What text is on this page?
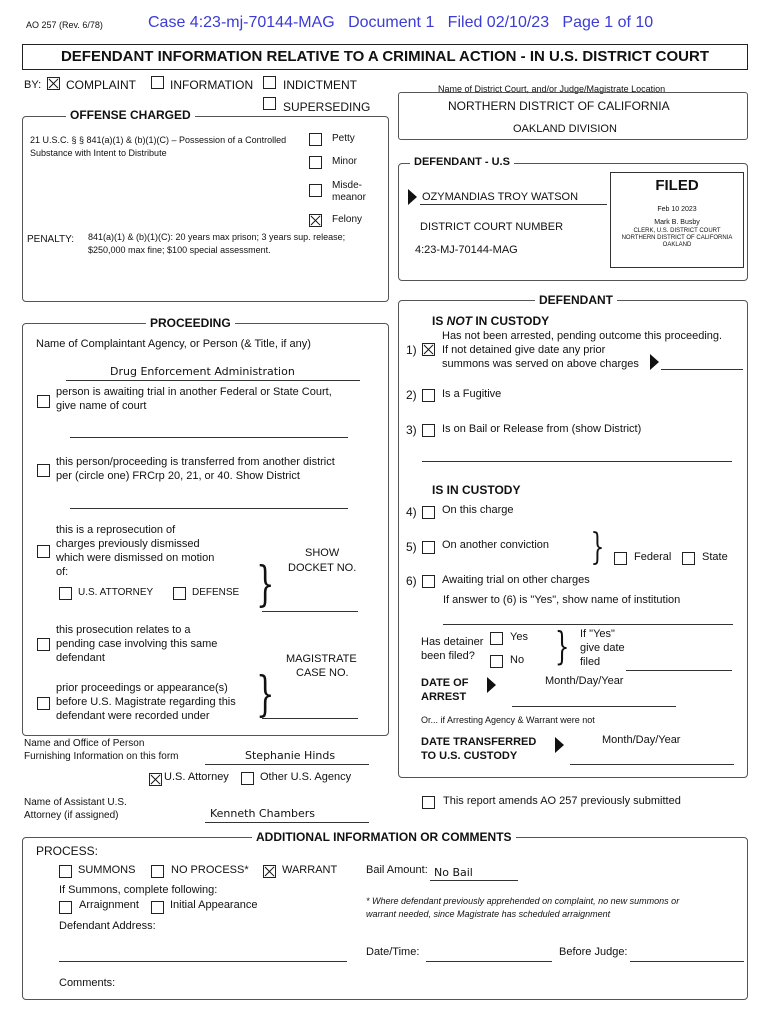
AO 257 (Rev. 6/78)	Case 4:23-mj-70144-MAG   Document 1   Filed 02/10/23   Page 1 of 10
DEFENDANT INFORMATION RELATIVE TO A CRIMINAL ACTION - IN U.S. DISTRICT COURT
BY: COMPLAINT	INFORMATION INDICTMENT
SUPERSEDING
OFFENSE CHARGED
21 U.S.C. § § 841(a)(1) & (b)(1)(C) – Possession of a Controlled
Substance with Intent to Distribute
Petty
Minor
Misde-
meanor
Felony
PENALTY: 841(a)(1) & (b)(1)(C): 20 years max prison; 3 years sup. release;
$250,000 max fine; $100 special assessment.
Name of District Court, and/or Judge/Magistrate Location
NORTHERN DISTRICT OF CALIFORNIA
OAKLAND DIVISION
DEFENDANT - U.S
OZYMANDIAS TROY WATSON
DISTRICT COURT NUMBER
4:23-MJ-70144-MAG
FILED
Feb 10 2023
Mark B. Busby
CLERK, U.S. DISTRICT COURT
NORTHERN DISTRICT OF CALIFORNIA
OAKLAND
PROCEEDING
Name of Complaintant Agency, or Person (& Title, if any)
Drug Enforcement Administration
person is awaiting trial in another Federal or State Court,
give name of court
this person/proceeding is transferred from another district
per (circle one) FRCrp 20, 21, or 40. Show District
this is a reprosecution of
charges previously dismissed
which were dismissed on motion
of:
U.S. ATTORNEY	DEFENSE }
SHOW
DOCKET NO.
this prosecution relates to a
pending case involving this same
defendant	MAGISTRATE
CASE NO.
prior proceedings or appearance(s)
before U.S. Magistrate regarding this
defendant were recorded under }
Name and Office of Person
Furnishing Information on this form	Stephanie Hinds
U.S. Attorney	Other U.S. Agency
Name of Assistant U.S.
Attorney (if assigned)	Kenneth Chambers
DEFENDANT
IS NOT IN CUSTODY
1)
Has not been arrested, pending outcome this proceeding.
If not detained give date any prior
summons was served on above charges
2) Is a Fugitive
3) Is on Bail or Release from (show District)
IS IN CUSTODY
4) On this charge
5) On another conviction }	Federal	State
6) Awaiting trial on other charges
If answer to (6) is "Yes", show name of institution
Has detainer
been filed?
Yes
No } If "Yes"
give date
filed
DATE OF
ARREST
Month/Day/Year
Or... if Arresting Agency & Warrant were not
DATE TRANSFERRED
TO U.S. CUSTODY
Month/Day/Year
This report amends AO 257 previously submitted
ADDITIONAL INFORMATION OR COMMENTS
PROCESS:
SUMMONS	NO PROCESS*	WARRANT	Bail Amount: No Bail
If Summons, complete following:
Arraignment	Initial Appearance	* Where defendant previously apprehended on complaint, no new summons or
warrant needed, since Magistrate has scheduled arraignment
Defendant Address:
Date/Time:	Before Judge:
Comments:
